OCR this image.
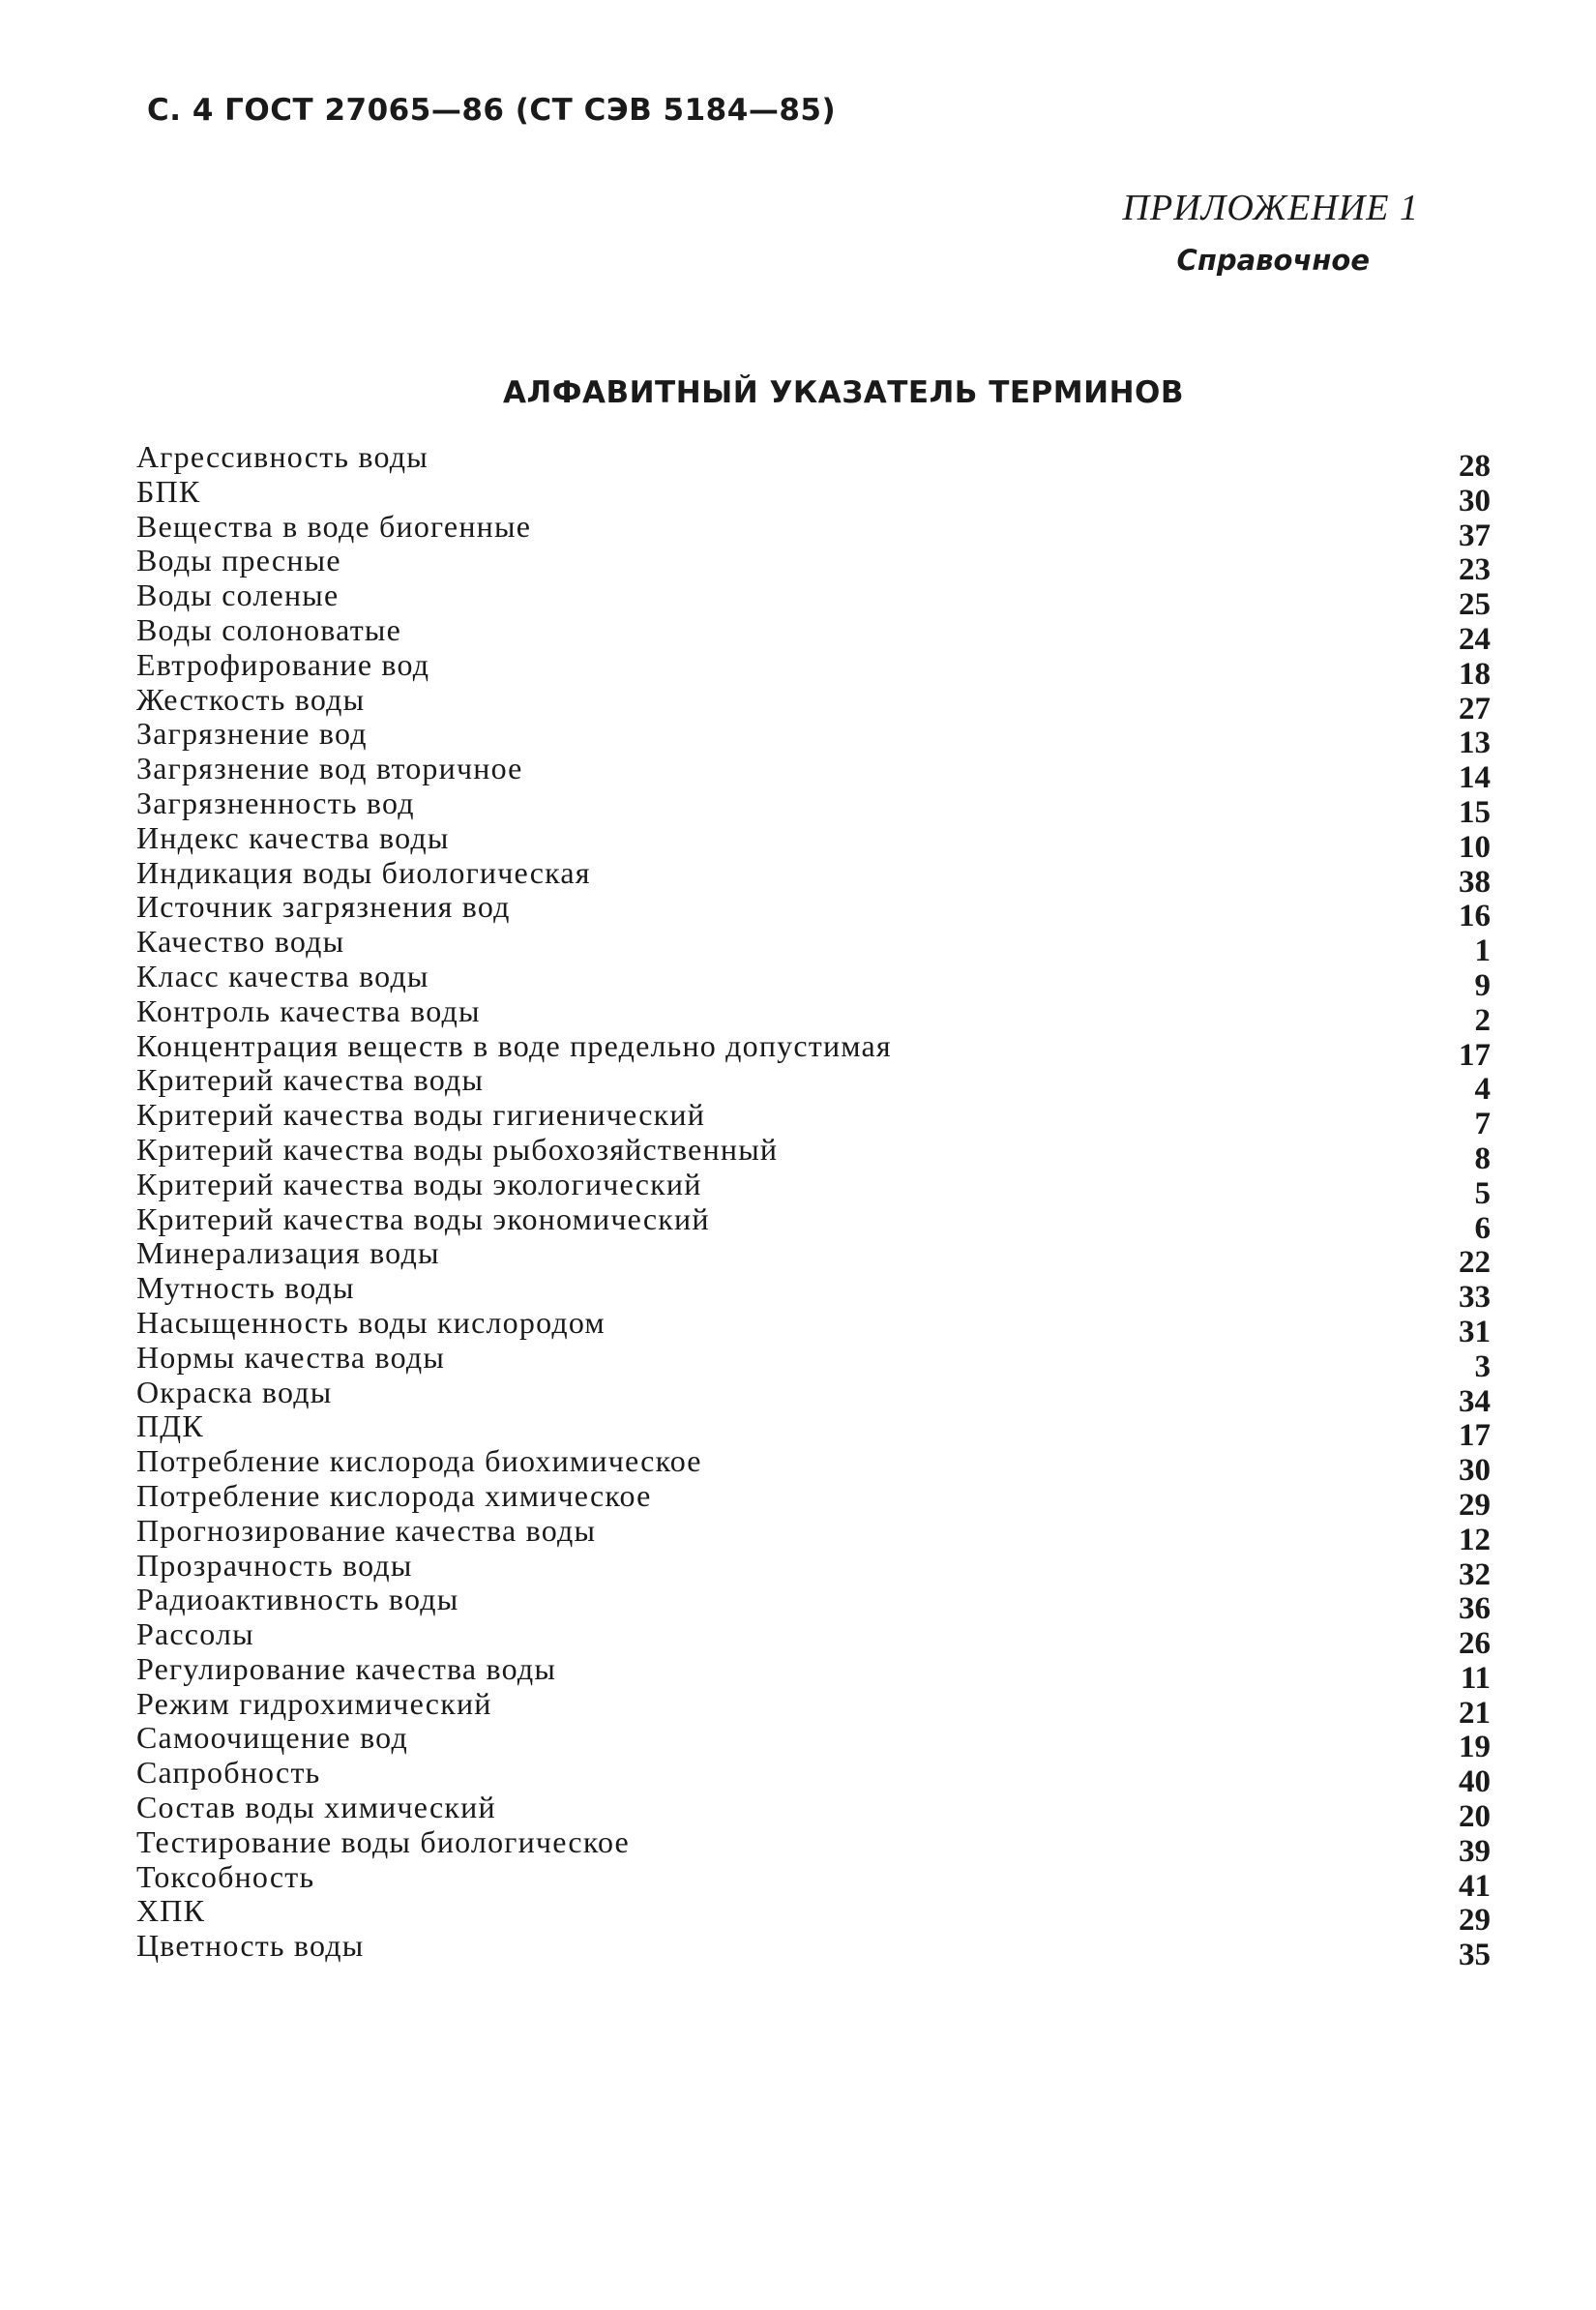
С. 4 ГОСТ 27065—86 (СТ СЭВ 5184—85)
ПРИЛОЖЕНИЕ 1
Справочное
АЛФАВИТНЫЙ УКАЗАТЕЛЬ ТЕРМИНОВ
Агрессивность воды	28
БПК	30
Вещества в воде биогенные	37
Воды пресные	23
Воды соленые	25
Воды солоноватые	24
Евтрофирование вод	18
Жесткость воды	27
Загрязнение вод	13
Загрязнение вод вторичное	14
Загрязненность вод	15
Индекс качества воды	10
Индикация воды биологическая	38
Источник загрязнения вод	16
Качество воды	1
Класс качества воды	9
Контроль качества воды	2
Концентрация веществ в воде предельно допустимая	17
Критерий качества воды	4
Критерий качества воды гигиенический	7
Критерий качества воды рыбохозяйственный	8
Критерий качества воды экологический	5
Критерий качества воды экономический	6
Минерализация воды	22
Мутность воды	33
Насыщенность воды кислородом	31
Нормы качества воды	3
Окраска воды	34
ПДК	17
Потребление кислорода биохимическое	30
Потребление кислорода химическое	29
Прогнозирование качества воды	12
Прозрачность воды	32
Радиоактивность воды	36
Рассолы	26
Регулирование качества воды	11
Режим гидрохимический	21
Самоочищение вод	19
Сапробность	40
Состав воды химический	20
Тестирование воды биологическое	39
Токсобность	41
ХПК	29
Цветность воды	35
